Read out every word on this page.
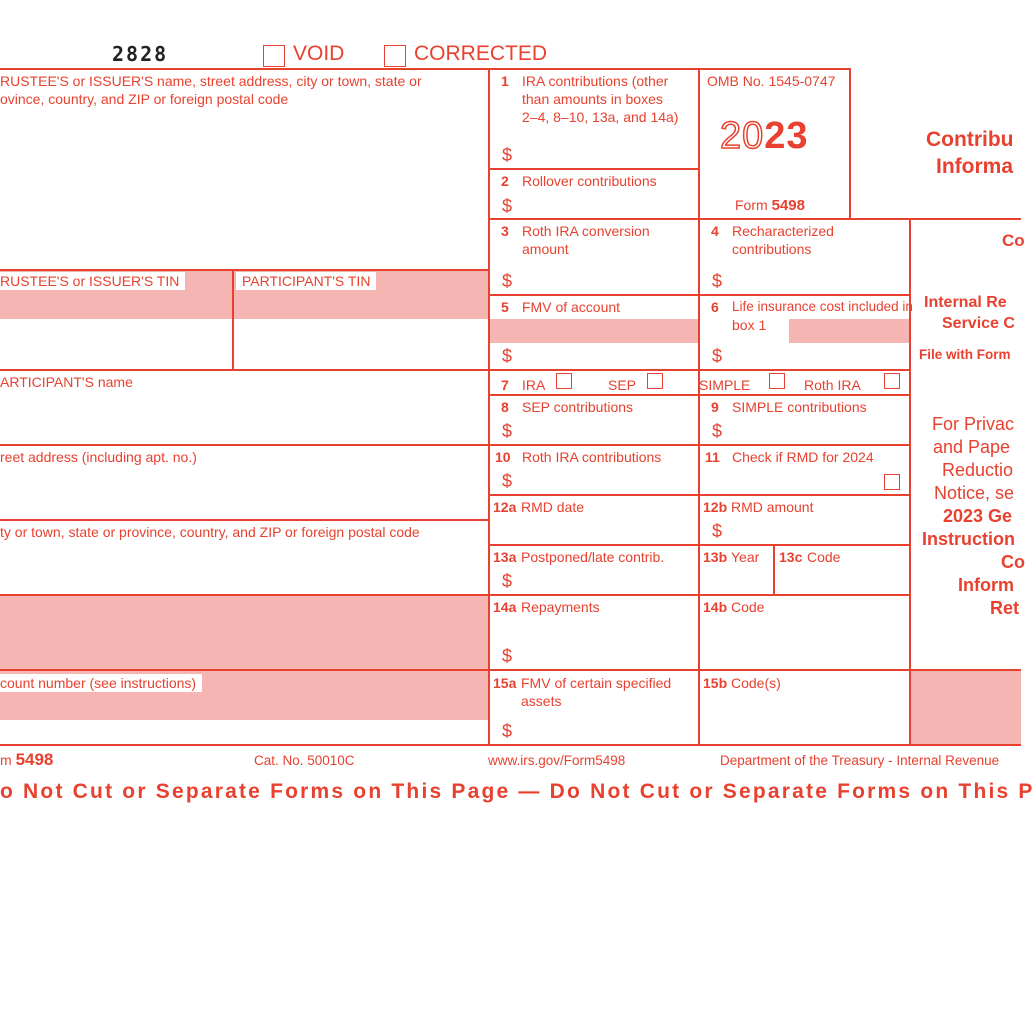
2828	VOID	CORRECTED
RUSTEE'S or ISSUER'S name, street address, city or town, state or
ovince, country, and ZIP or foreign postal code
RUSTEE'S or ISSUER'S TIN	PARTICIPANT'S TIN
ARTICIPANT'S name
reet address (including apt. no.)
ty or town, state or province, country, and ZIP or foreign postal code
count number (see instructions)
1 IRA contributions (other
than amounts in boxes
2–4, 8–10, 13a, and 14a)
$
OMB No. 1545-0747
2023
Form 5498
2 Rollover contributions
$
3 Roth IRA conversion
amount
$
4 Recharacterized
contributions
$
5 FMV of account
$
6 Life insurance cost included in
box 1
$
7 IRA	SEP	SIMPLE	Roth IRA
8 SEP contributions
$
9 SIMPLE contributions
$
10 Roth IRA contributions
$
11 Check if RMD for 2024
12a RMD date	12b RMD amount
$
13a Postponed/late contrib.
$
13b Year 13c Code
14a Repayments
$
14b Code
15a FMV of certain specified
assets
$
15b Code(s)
Contribu
Informa
Co
Internal Re
Service C
File with Form
For Privac
and Pape
Reductio
Notice, se
2023 Ge
Instruction
Co
Inform
Ret
m 5498	Cat. No. 50010C	www.irs.gov/Form5498	Department of the Treasury - Internal Revenue
o Not Cut or Separate Forms on This Page — Do Not Cut or Separate Forms on This P
